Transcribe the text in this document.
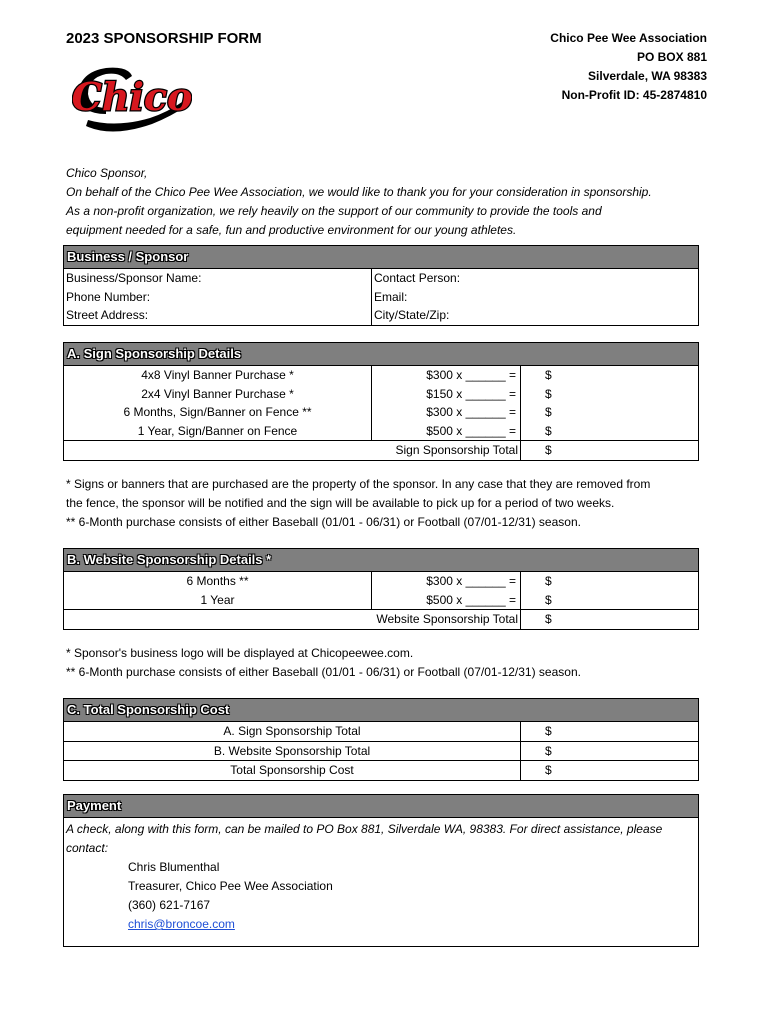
2023 SPONSORSHIP FORM	Chico Pee Wee Association
PO BOX 881
Silverdale, WA 98383
Non-Profit ID: 45-2874810
Chico
Chico Sponsor,
On behalf of the Chico Pee Wee Association, we would like to thank you for your consideration in sponsorship.
As a non-profit organization, we rely heavily on the support of our community to provide the tools and
equipment needed for a safe, fun and productive environment for our young athletes.
Business / Sponsor
Business/Sponsor Name:	Contact Person:
Phone Number:	Email:
Street Address:	City/State/Zip:
A. Sign Sponsorship Details
4x8 Vinyl Banner Purchase *	$300 x ______ =	$
2x4 Vinyl Banner Purchase *	$150 x ______ =	$
6 Months, Sign/Banner on Fence **	$300 x ______ =	$
1 Year, Sign/Banner on Fence	$500 x ______ =	$
Sign Sponsorship Total	$
* Signs or banners that are purchased are the property of the sponsor. In any case that they are removed from
the fence, the sponsor will be notified and the sign will be available to pick up for a period of two weeks.
** 6-Month purchase consists of either Baseball (01/01 - 06/31) or Football (07/01-12/31) season.
B. Website Sponsorship Details *
6 Months **	$300 x ______ =	$
1 Year	$500 x ______ =	$
Website Sponsorship Total	$
* Sponsor's business logo will be displayed at Chicopeewee.com.
** 6-Month purchase consists of either Baseball (01/01 - 06/31) or Football (07/01-12/31) season.
C. Total Sponsorship Cost
A. Sign Sponsorship Total	$
B. Website Sponsorship Total	$
Total Sponsorship Cost	$
Payment
A check, along with this form, can be mailed to PO Box 881, Silverdale WA, 98383. For direct assistance, please contact:
Chris Blumenthal
Treasurer, Chico Pee Wee Association
(360) 621-7167
chris@broncoe.com
